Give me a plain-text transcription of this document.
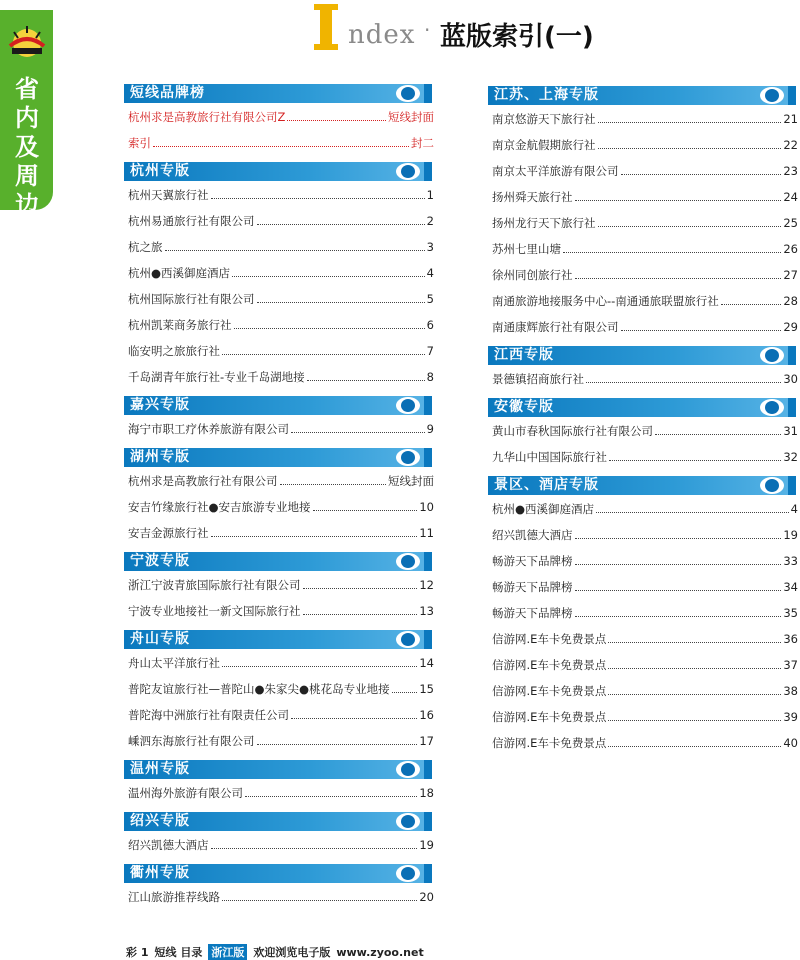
省内及周边
ndex · 蓝版索引(一)
短线品牌榜
杭州求是高教旅行社有限公司Z	短线封面
索引	封二
杭州专版
杭州天翼旅行社	1
杭州易通旅行社有限公司	2
杭之旅	3
杭州●西溪御庭酒店	4
杭州国际旅行社有限公司	5
杭州凯莱商务旅行社	6
临安明之旅旅行社	7
千岛湖青年旅行社-专业千岛湖地接	8
嘉兴专版
海宁市职工疗休养旅游有限公司	9
湖州专版
杭州求是高教旅行社有限公司	短线封面
安吉竹缘旅行社●安吉旅游专业地接	10
安吉金源旅行社	11
宁波专版
浙江宁波青旅国际旅行社有限公司	12
宁波专业地接社一新文国际旅行社	13
舟山专版
舟山太平洋旅行社	14
普陀友谊旅行社—普陀山●朱家尖●桃花岛专业地接	15
普陀海中洲旅行社有限责任公司	16
嵊泗东海旅行社有限公司	17
温州专版
温州海外旅游有限公司	18
绍兴专版
绍兴凯德大酒店	19
衢州专版
江山旅游推荐线路	20
江苏、上海专版
南京悠游天下旅行社	21
南京金航假期旅行社	22
南京太平洋旅游有限公司	23
扬州舜天旅行社	24
扬州龙行天下旅行社	25
苏州七里山塘	26
徐州同创旅行社	27
南通旅游地接服务中心--南通通旅联盟旅行社	28
南通康辉旅行社有限公司	29
江西专版
景德镇招商旅行社	30
安徽专版
黄山市春秋国际旅行社有限公司	31
九华山中国国际旅行社	32
景区、酒店专版
杭州●西溪御庭酒店	4
绍兴凯德大酒店	19
畅游天下品牌榜	33
畅游天下品牌榜	34
畅游天下品牌榜	35
信游网.E车卡免费景点	36
信游网.E车卡免费景点	37
信游网.E车卡免费景点	38
信游网.E车卡免费景点	39
信游网.E车卡免费景点	40
彩 1 短线 目录 浙江版 欢迎浏览电子版 www.zyoo.net
